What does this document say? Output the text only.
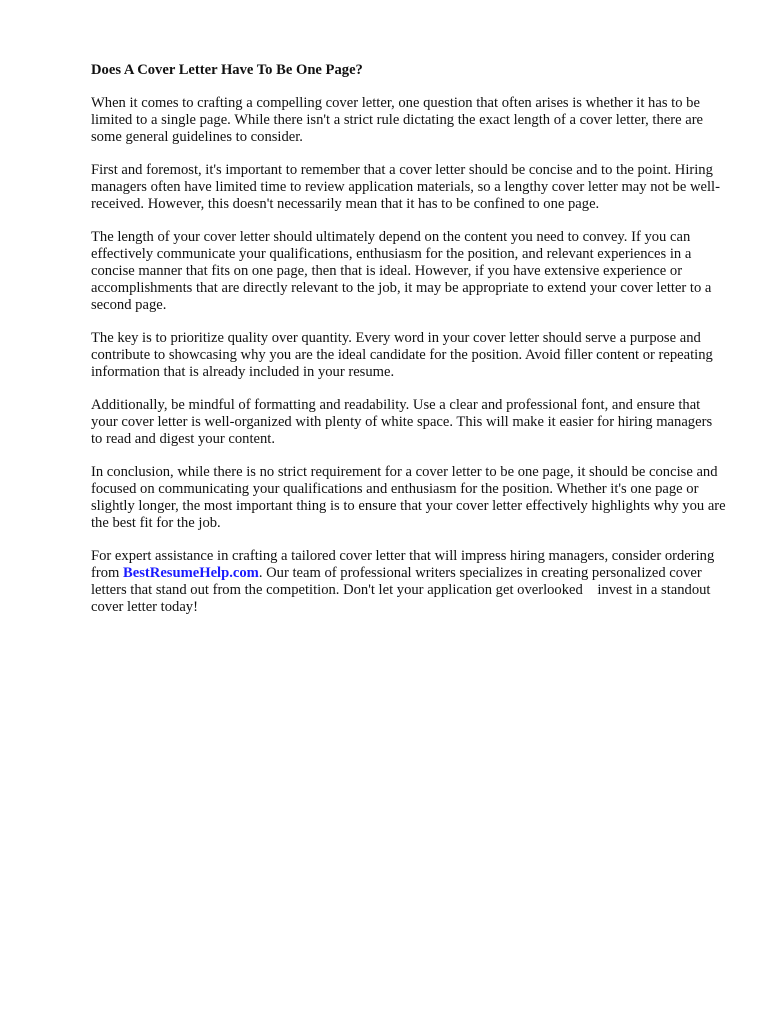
Does A Cover Letter Have To Be One Page?

When it comes to crafting a compelling cover letter, one question that often arises is whether it has to be limited to a single page. While there isn't a strict rule dictating the exact length of a cover letter, there are some general guidelines to consider.

First and foremost, it's important to remember that a cover letter should be concise and to the point. Hiring managers often have limited time to review application materials, so a lengthy cover letter may not be well-received. However, this doesn't necessarily mean that it has to be confined to one page.

The length of your cover letter should ultimately depend on the content you need to convey. If you can effectively communicate your qualifications, enthusiasm for the position, and relevant experiences in a concise manner that fits on one page, then that is ideal. However, if you have extensive experience or accomplishments that are directly relevant to the job, it may be appropriate to extend your cover letter to a second page.

The key is to prioritize quality over quantity. Every word in your cover letter should serve a purpose and contribute to showcasing why you are the ideal candidate for the position. Avoid filler content or repeating information that is already included in your resume.

Additionally, be mindful of formatting and readability. Use a clear and professional font, and ensure that your cover letter is well-organized with plenty of white space. This will make it easier for hiring managers to read and digest your content.

In conclusion, while there is no strict requirement for a cover letter to be one page, it should be concise and focused on communicating your qualifications and enthusiasm for the position. Whether it's one page or slightly longer, the most important thing is to ensure that your cover letter effectively highlights why you are the best fit for the job.

For expert assistance in crafting a tailored cover letter that will impress hiring managers, consider ordering from BestResumeHelp.com. Our team of professional writers specializes in creating personalized cover letters that stand out from the competition. Don't let your application get overlooked    invest in a standout cover letter today!
